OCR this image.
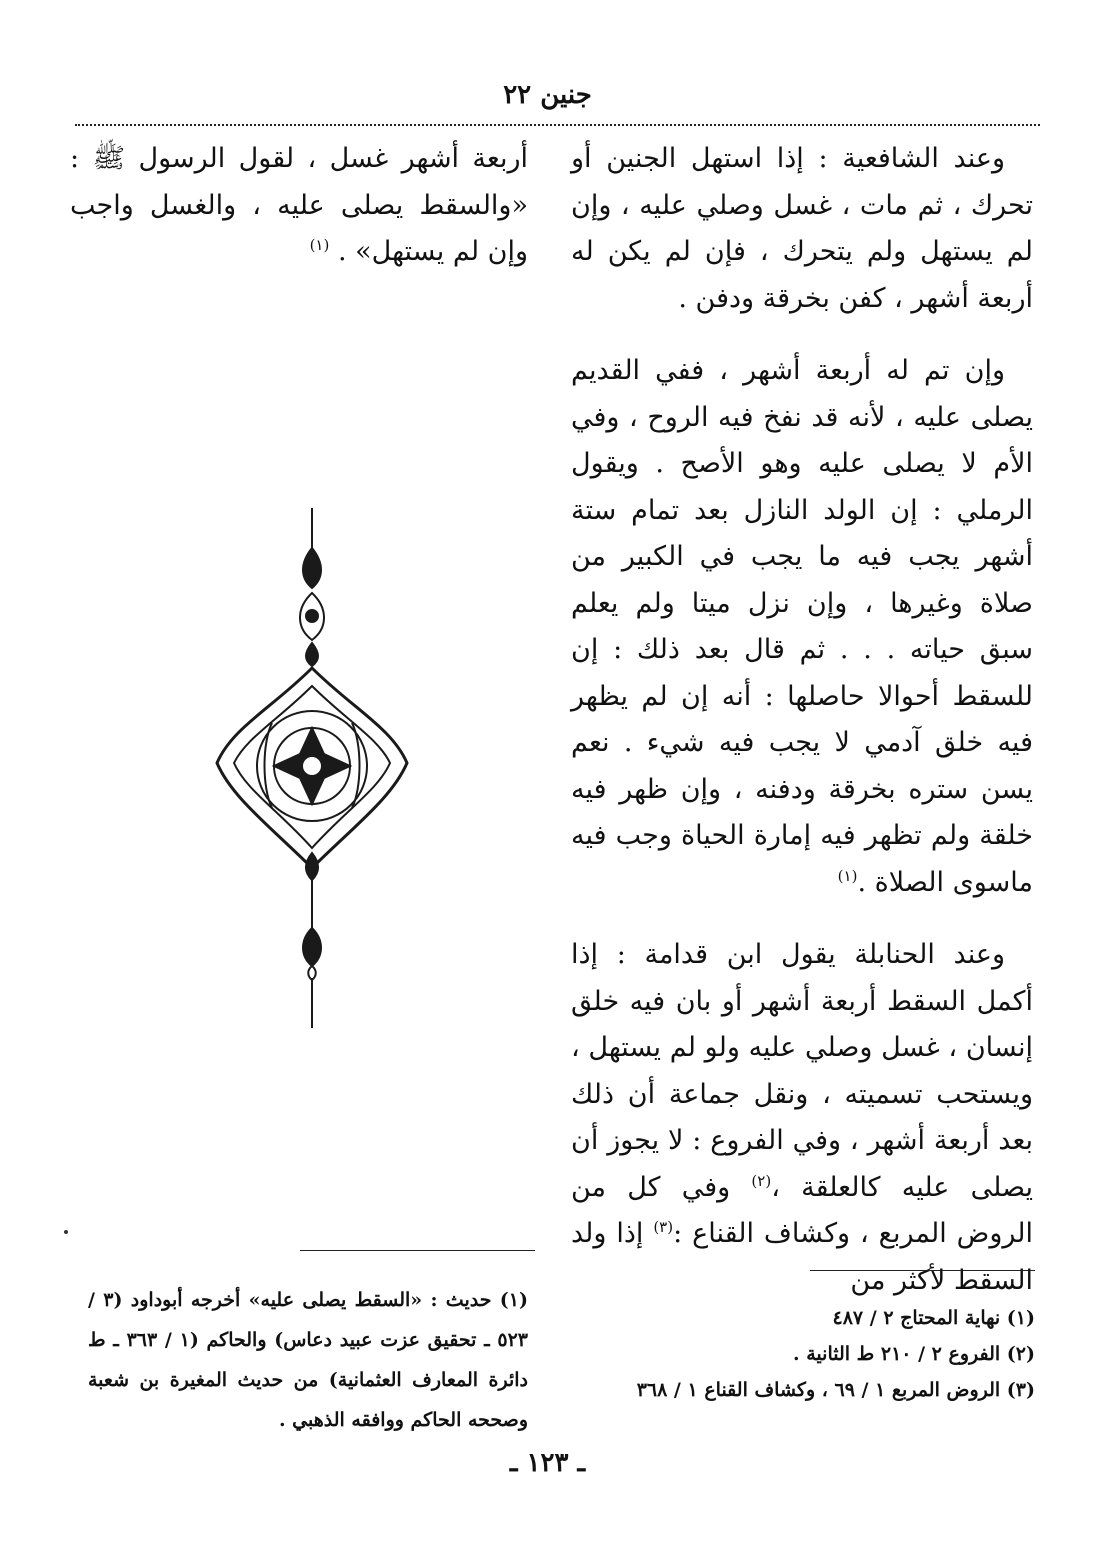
جنين ٢٢

وعند الشافعية : إذا استهل الجنين أو تحرك ، ثم مات ، غسل وصلي عليه ، وإن لم يستهل ولم يتحرك ، فإن لم يكن له أربعة أشهر ، كفن بخرقة ودفن .

وإن تم له أربعة أشهر ، ففي القديم يصلى عليه ، لأنه قد نفخ فيه الروح ، وفي الأم لا يصلى عليه وهو الأصح . ويقول الرملي : إن الولد النازل بعد تمام ستة أشهر يجب فيه ما يجب في الكبير من صلاة وغيرها ، وإن نزل ميتا ولم يعلم سبق حياته . . . ثم قال بعد ذلك : إن للسقط أحوالا حاصلها : أنه إن لم يظهر فيه خلق آدمي لا يجب فيه شيء . نعم يسن ستره بخرقة ودفنه ، وإن ظهر فيه خلقة ولم تظهر فيه إمارة الحياة وجب فيه ماسوى الصلاة .$^{(١)}$

وعند الحنابلة يقول ابن قدامة : إذا أكمل السقط أربعة أشهر أو بان فيه خلق إنسان ، غسل وصلي عليه ولو لم يستهل ، ويستحب تسميته ، ونقل جماعة أن ذلك بعد أربعة أشهر ، وفي الفروع : لا يجوز أن يصلى عليه كالعلقة ،$^{(٢)}$ وفي كل من الروض المربع ، وكشاف القناع :$^{(٣)}$ إذا ولد السقط لأكثر من

أربعة أشهر غسل ، لقول الرسول ﷺ : «والسقط يصلى عليه ، والغسل واجب وإن لم يستهل» . $^{(١)}$

(١) نهاية المحتاج ٢ / ٤٨٧
(٢) الفروع ٢ / ٢١٠ ط الثانية .
(٣) الروض المربع ١ / ٦٩ ، وكشاف القناع ١ / ٣٦٨
(١) حديث : «السقط يصلى عليه» أخرجه أبوداود (٣ / ٥٢٣ ـ تحقيق عزت عبيد دعاس) والحاكم (١ / ٣٦٣ ـ ط دائرة المعارف العثمانية) من حديث المغيرة بن شعبة وصححه الحاكم ووافقه الذهبي .
ـ ١٢٣ ـ
